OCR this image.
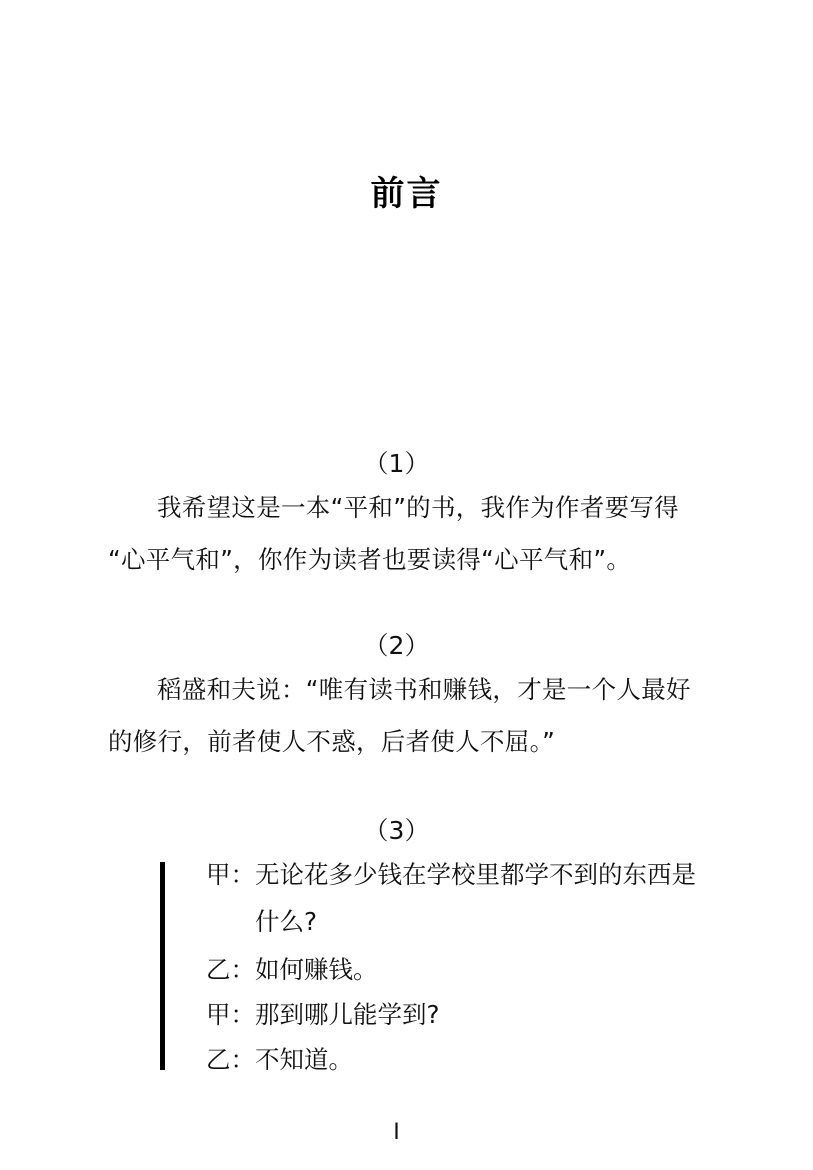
前言
（1）
我希望这是一本“平和”的书，我作为作者要写得
“心平气和”，你作为读者也要读得“心平气和”。
（2）
稻盛和夫说：“唯有读书和赚钱，才是一个人最好
的修行，前者使人不惑，后者使人不屈。”
（3）
甲：无论花多少钱在学校里都学不到的东西是
什么?
乙：如何赚钱。
甲：那到哪儿能学到?
乙：不知道。
I
